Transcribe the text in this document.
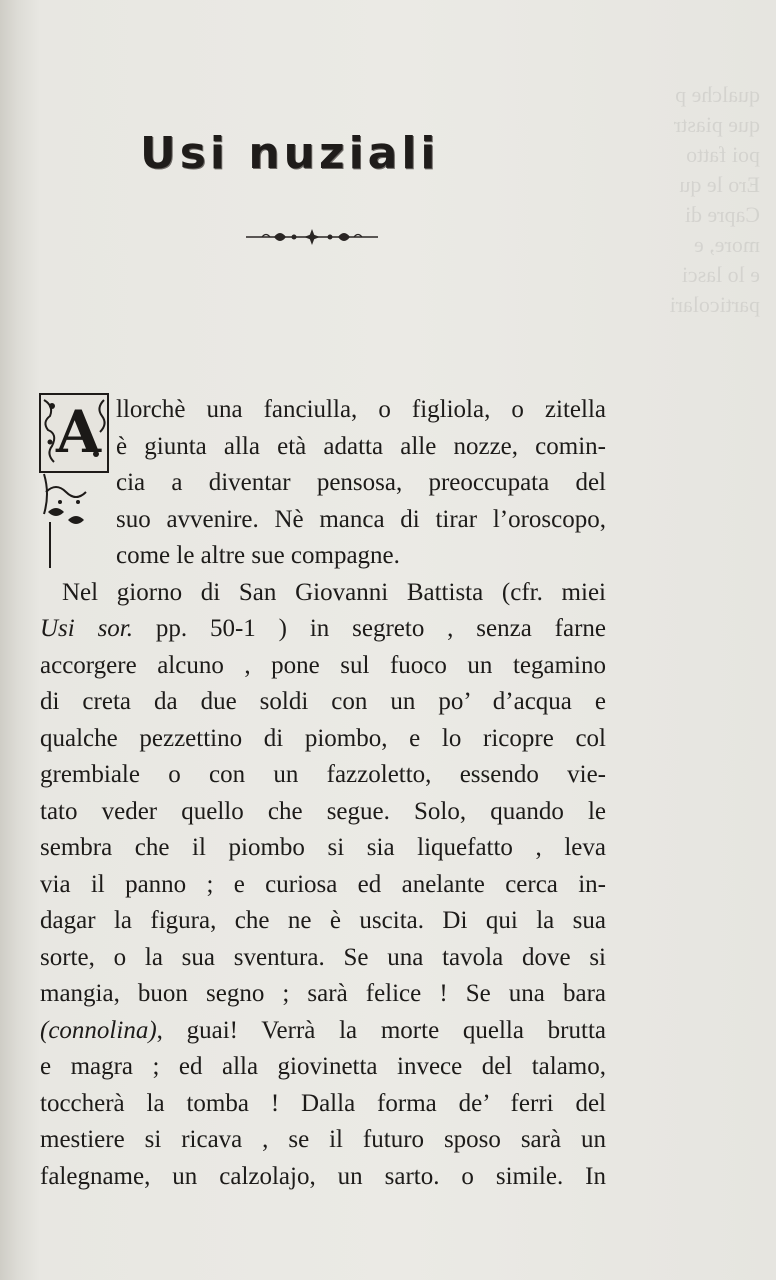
qualche p
que piastr
poi fatto
Ero le qu
Capre di
more, e
e lo lasci
particolari
Usi nuziali
A llorchè una fanciulla, o figliola, o zitella
è giunta alla età adatta alle nozze, comin-
cia a diventar pensosa, preoccupata del
suo avvenire. Nè manca di tirar l’oroscopo,
come le altre sue compagne.
Nel giorno di San Giovanni Battista (cfr. miei
Usi sor. pp. 50-1 ) in segreto , senza farne
accorgere alcuno , pone sul fuoco un tegamino
di creta da due soldi con un po’ d’acqua e
qualche pezzettino di piombo, e lo ricopre col
grembiale o con un fazzoletto, essendo vie-
tato veder quello che segue. Solo, quando le
sembra che il piombo si sia liquefatto , leva
via il panno ; e curiosa ed anelante cerca in-
dagar la figura, che ne è uscita. Di qui la sua
sorte, o la sua sventura. Se una tavola dove si
mangia, buon segno ; sarà felice ! Se una bara
(connolina), guai! Verrà la morte quella brutta
e magra ; ed alla giovinetta invece del talamo,
toccherà la tomba ! Dalla forma de’ ferri del
mestiere si ricava , se il futuro sposo sarà un
falegname, un calzolajo, un sarto. o simile. In
